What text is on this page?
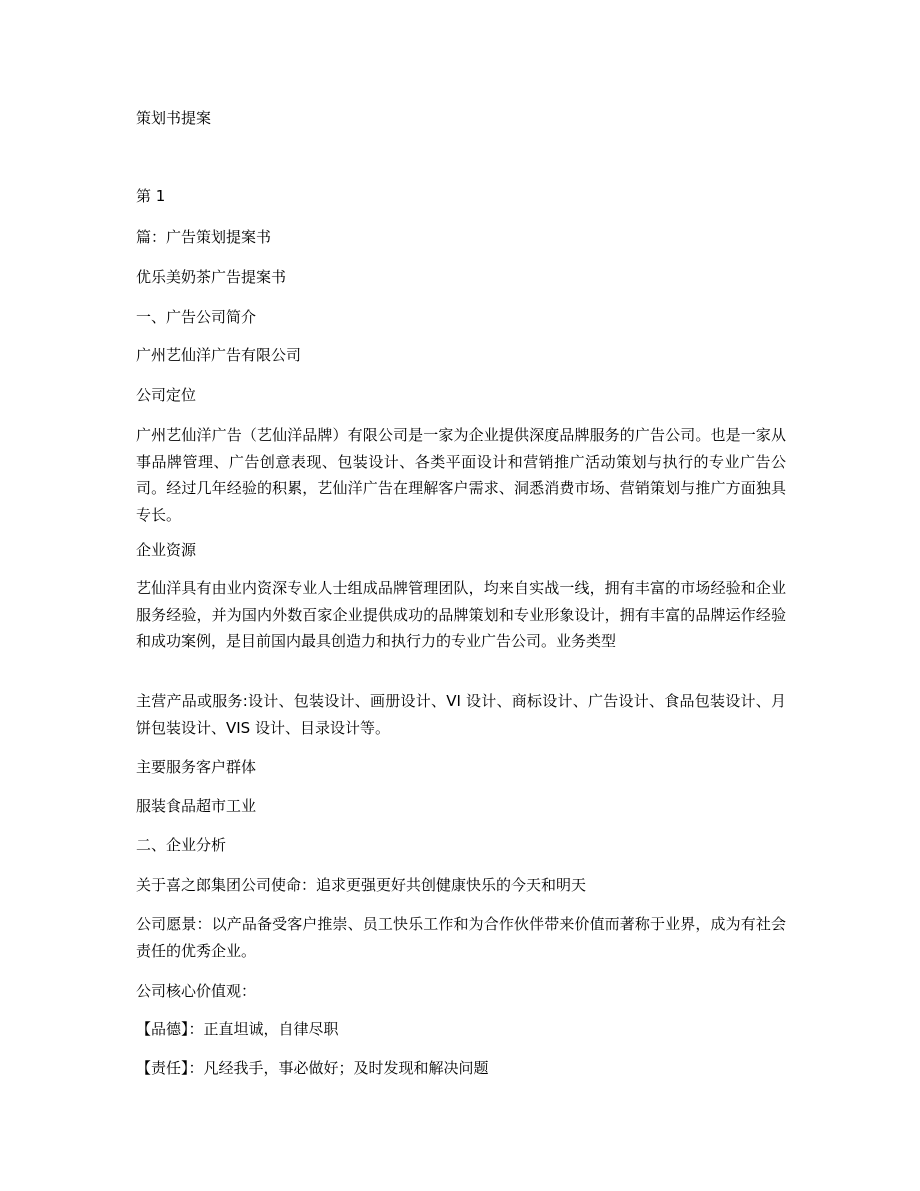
策划书提案

第 1

篇：广告策划提案书

优乐美奶茶广告提案书

一、广告公司简介

广州艺仙洋广告有限公司

公司定位

广州艺仙洋广告（艺仙洋品牌）有限公司是一家为企业提供深度品牌服务的广告公司。也是一家从事品牌管理、广告创意表现、包装设计、各类平面设计和营销推广活动策划与执行的专业广告公司。经过几年经验的积累，艺仙洋广告在理解客户需求、洞悉消费市场、营销策划与推广方面独具专长。

企业资源

艺仙洋具有由业内资深专业人士组成品牌管理团队，均来自实战一线，拥有丰富的市场经验和企业服务经验，并为国内外数百家企业提供成功的品牌策划和专业形象设计，拥有丰富的品牌运作经验和成功案例，是目前国内最具创造力和执行力的专业广告公司。业务类型

主营产品或服务:设计、包装设计、画册设计、VI 设计、商标设计、广告设计、食品包装设计、月饼包装设计、VIS 设计、目录设计等。

主要服务客户群体

服装食品超市工业

二、企业分析

关于喜之郎集团公司使命：追求更强更好共创健康快乐的今天和明天

公司愿景：以产品备受客户推崇、员工快乐工作和为合作伙伴带来价值而著称于业界，成为有社会责任的优秀企业。

公司核心价值观：

【品德】：正直坦诚，自律尽职

【责任】：凡经我手，事必做好；及时发现和解决问题
